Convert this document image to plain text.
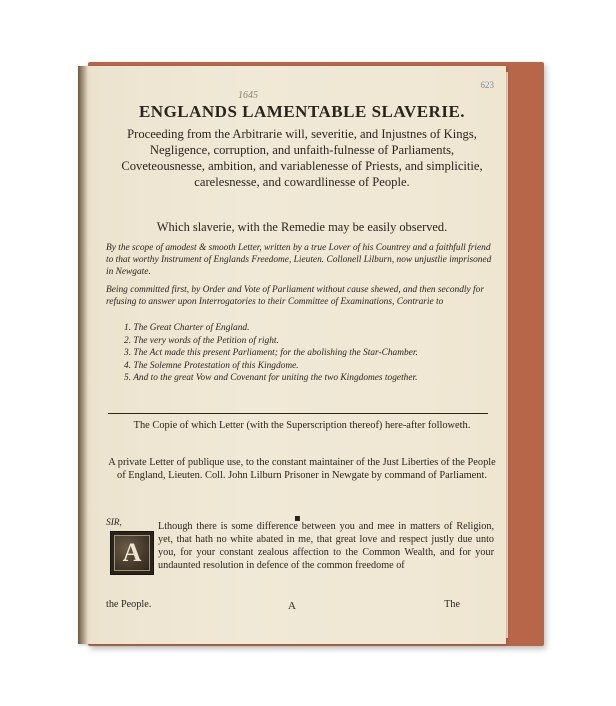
1645
623
ENGLANDS LAMENTABLE SLAVERIE.
Proceeding from the Arbitrarie will, severitie, and Injustnes of Kings, Negligence, corruption, and unfaith-fulnesse of Parliaments, Coveteousnesse, ambition, and variablenesse of Priests, and simplicitie, carelesnesse, and cowardlinesse of People.
Which slaverie, with the Remedie may be easily observed.
By the scope of amodest & smooth Letter, written by a true Lover of his Countrey and a faithfull friend to that worthy Instrument of Englands Freedome, Lieuten. Collonell Lilburn, now unjustlie imprisoned in Newgate.
Being committed first, by Order and Vote of Parliament without cause shewed, and then secondly for refusing to answer upon Interrogatories to their Committee of Examinations, Contrarie to
1. The Great Charter of England.
2. The very words of the Petition of right.
3. The Act made this present Parliament; for the abolishing the Star-Chamber.
4. The Solemne Protestation of this Kingdome.
5. And to the great Vow and Covenant for uniting the two Kingdomes together.
The Copie of which Letter (with the Superscription thereof) here-after followeth.
A private Letter of publique use, to the constant maintainer of the Just Liberties of the People of England, Lieuten. Coll. John Lilburn Prisoner in Newgate by command of Parliament.
▪
SIR,
A
Lthough there is some difference between you and mee in matters of Religion, yet, that hath no white abated in me, that great love and respect justly due unto you, for your constant zealous affection to the Common Wealth, and for your undaunted resolution in defence of the common freedome of
the People.	A	The
